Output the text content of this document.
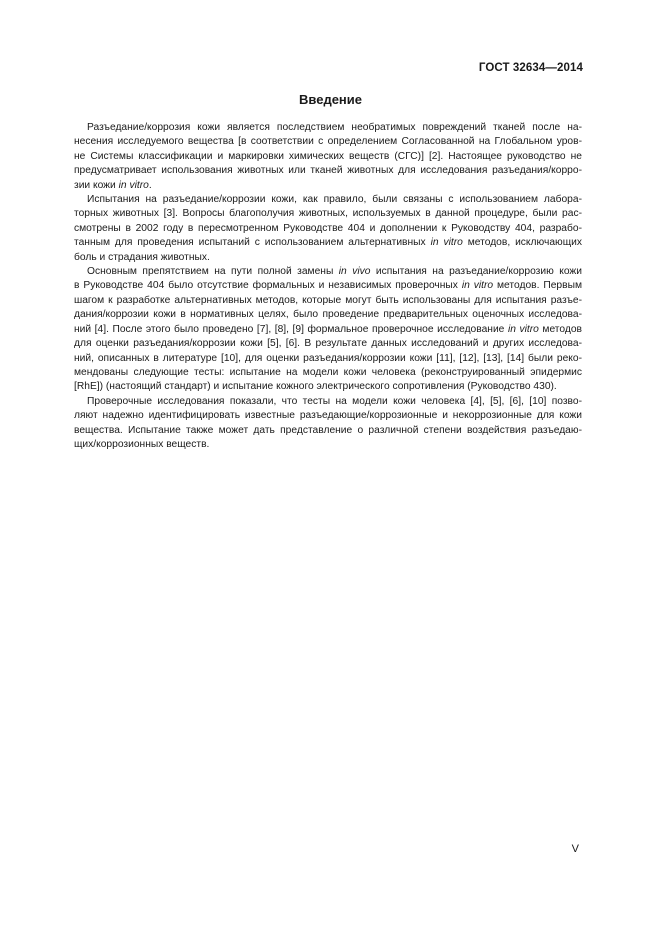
ГОСТ 32634—2014
Введение
Разъедание/коррозия кожи является последствием необратимых повреждений тканей после на-
несения исследуемого вещества [в соответствии с определением Согласованной на Глобальном уров-
не Системы классификации и маркировки химических веществ (СГС)] [2]. Настоящее руководство не
предусматривает использования животных или тканей животных для исследования разъедания/корро-
зии кожи in vitro.
Испытания на разъедание/коррозии кожи, как правило, были связаны с использованием лабора-
торных животных [3]. Вопросы благополучия животных, используемых в данной процедуре, были рас-
смотрены в 2002 году в пересмотренном Руководстве 404 и дополнении к Руководству 404, разрабо-
танным для проведения испытаний с использованием альтернативных in vitro методов, исключающих
боль и страдания животных.
Основным препятствием на пути полной замены in vivo испытания на разъедание/коррозию кожи
в Руководстве 404 было отсутствие формальных и независимых проверочных in vitro методов. Первым
шагом к разработке альтернативных методов, которые могут быть использованы для испытания разъе-
дания/коррозии кожи в нормативных целях, было проведение предварительных оценочных исследова-
ний [4]. После этого было проведено [7], [8], [9] формальное проверочное исследование in vitro методов
для оценки разъедания/коррозии кожи [5], [6]. В результате данных исследований и других исследова-
ний, описанных в литературе [10], для оценки разъедания/коррозии кожи [11], [12], [13], [14] были реко-
мендованы следующие тесты: испытание на модели кожи человека (реконструированный эпидермис
[RhE]) (настоящий стандарт) и испытание кожного электрического сопротивления (Руководство 430).
Проверочные исследования показали, что тесты на модели кожи человека [4], [5], [6], [10] позво-
ляют надежно идентифицировать известные разъедающие/коррозионные и некоррозионные для кожи
вещества. Испытание также может дать представление о различной степени воздействия разъедаю-
щих/коррозионных веществ.
V
